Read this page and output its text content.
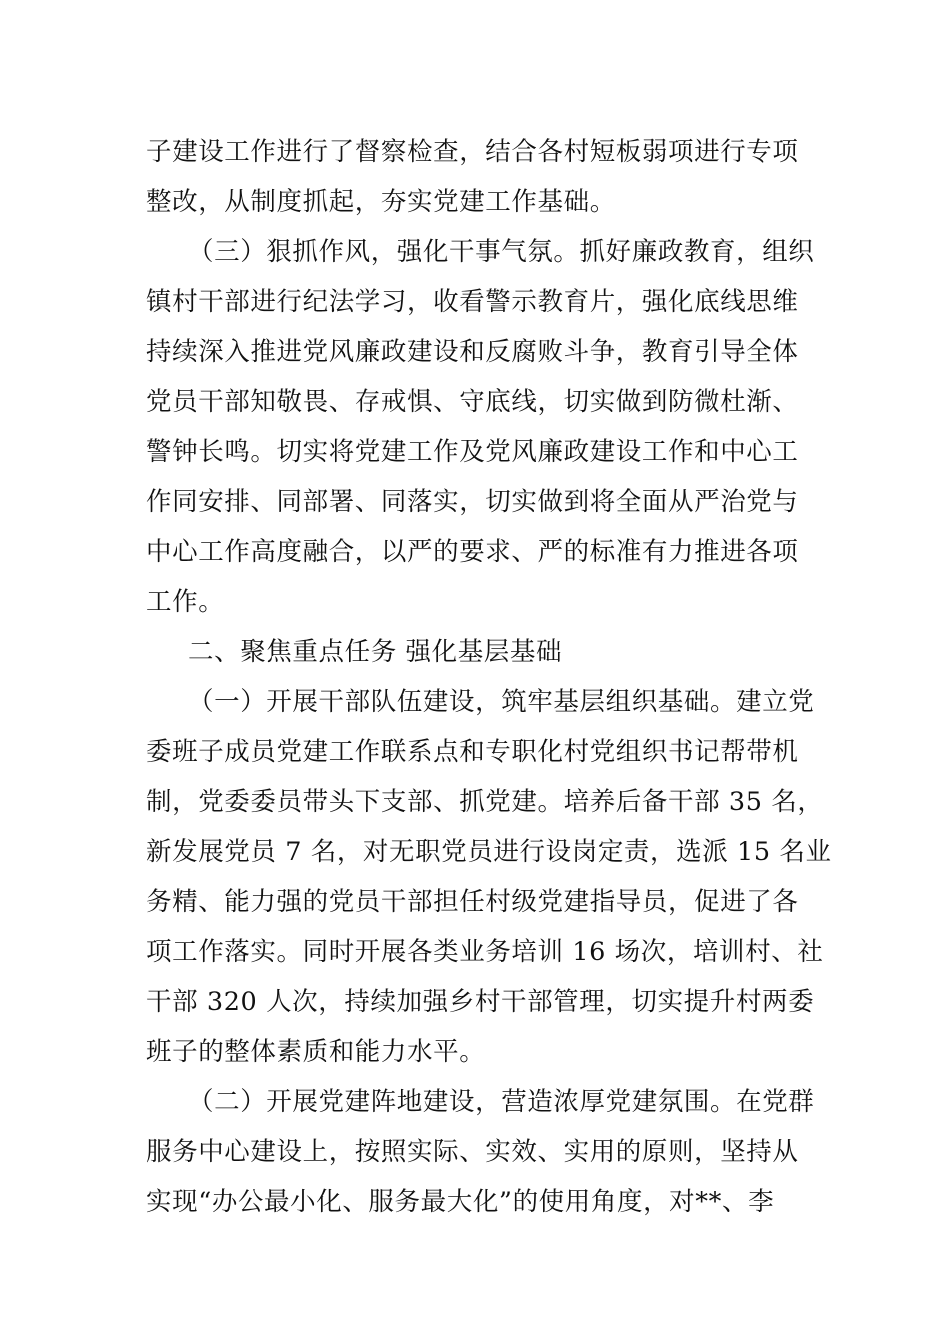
子建设工作进行了督察检查，结合各村短板弱项进行专项
整改，从制度抓起，夯实党建工作基础。
（三）狠抓作风，强化干事气氛。抓好廉政教育，组织
镇村干部进行纪法学习，收看警示教育片，强化底线思维
持续深入推进党风廉政建设和反腐败斗争，教育引导全体
党员干部知敬畏、存戒惧、守底线，切实做到防微杜渐、
警钟长鸣。切实将党建工作及党风廉政建设工作和中心工
作同安排、同部署、同落实，切实做到将全面从严治党与
中心工作高度融合，以严的要求、严的标准有力推进各项
工作。
二、聚焦重点任务 强化基层基础
（一）开展干部队伍建设，筑牢基层组织基础。建立党
委班子成员党建工作联系点和专职化村党组织书记帮带机
制，党委委员带头下支部、抓党建。培养后备干部 35 名，
新发展党员 7 名，对无职党员进行设岗定责，选派 15 名业
务精、能力强的党员干部担任村级党建指导员，促进了各
项工作落实。同时开展各类业务培训 16 场次，培训村、社
干部 320 人次，持续加强乡村干部管理，切实提升村两委
班子的整体素质和能力水平。
（二）开展党建阵地建设，营造浓厚党建氛围。在党群
服务中心建设上，按照实际、实效、实用的原则，坚持从
实现“办公最小化、服务最大化”的使用角度，对**、李
